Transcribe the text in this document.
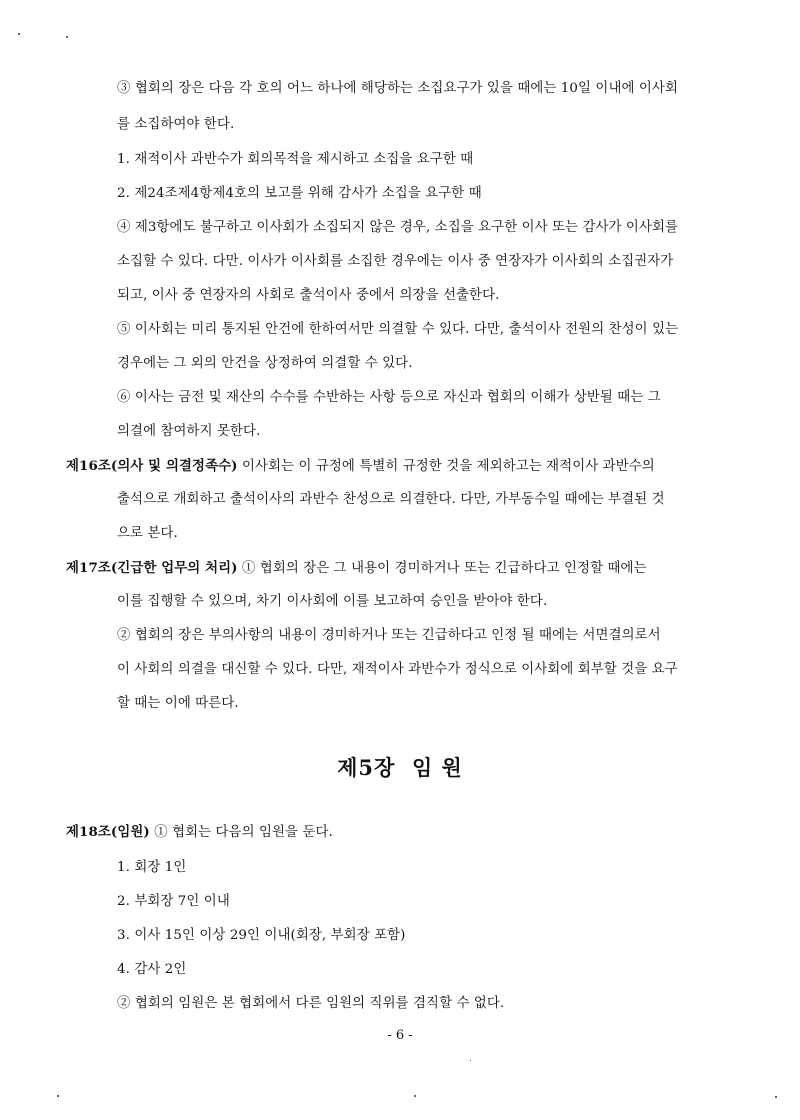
③ 협회의 장은 다음 각 호의 어느 하나에 해당하는 소집요구가 있을 때에는 10일 이내에 이사회
를 소집하여야 한다.
1. 재적이사 과반수가 회의목적을 제시하고 소집을 요구한 때
2. 제24조제4항제4호의 보고를 위해 감사가 소집을 요구한 때
④ 제3항에도 불구하고 이사회가 소집되지 않은 경우, 소집을 요구한 이사 또는 감사가 이사회를
소집할 수 있다. 다만. 이사가 이사회를 소집한 경우에는 이사 중 연장자가 이사회의 소집권자가
되고, 이사 중 연장자의 사회로 출석이사 중에서 의장을 선출한다.
⑤ 이사회는 미리 통지된 안건에 한하여서만 의결할 수 있다. 다만, 출석이사 전원의 찬성이 있는
경우에는 그 외의 안건을 상정하여 의결할 수 있다.
⑥ 이사는 금전 및 재산의 수수를 수반하는 사항 등으로 자신과 협회의 이해가 상반될 때는 그
의결에 참여하지 못한다.
제16조(의사 및 의결정족수) 이사회는 이 규정에 특별히 규정한 것을 제외하고는 재적이사 과반수의
출석으로 개회하고 출석이사의 과반수 찬성으로 의결한다. 다만, 가부동수일 때에는 부결된 것
으로 본다.
제17조(긴급한 업무의 처리) ① 협회의 장은 그 내용이 경미하거나 또는 긴급하다고 인정할 때에는
이를 집행할 수 있으며, 차기 이사회에 이를 보고하여 승인을 받아야 한다.
② 협회의 장은 부의사항의 내용이 경미하거나 또는 긴급하다고 인정 될 때에는 서면결의로서
이 사회의 의결을 대신할 수 있다. 다만, 재적이사 과반수가 정식으로 이사회에 회부할 것을 요구
할 때는 이에 따른다.
제5장  임 원
제18조(임원) ① 협회는 다음의 임원을 둔다.
1. 회장 1인
2. 부회장 7인 이내
3. 이사 15인 이상 29인 이내(회장, 부회장 포함)
4. 감사 2인
② 협회의 임원은 본 협회에서 다른 임원의 직위를 겸직할 수 없다.
- 6 -
